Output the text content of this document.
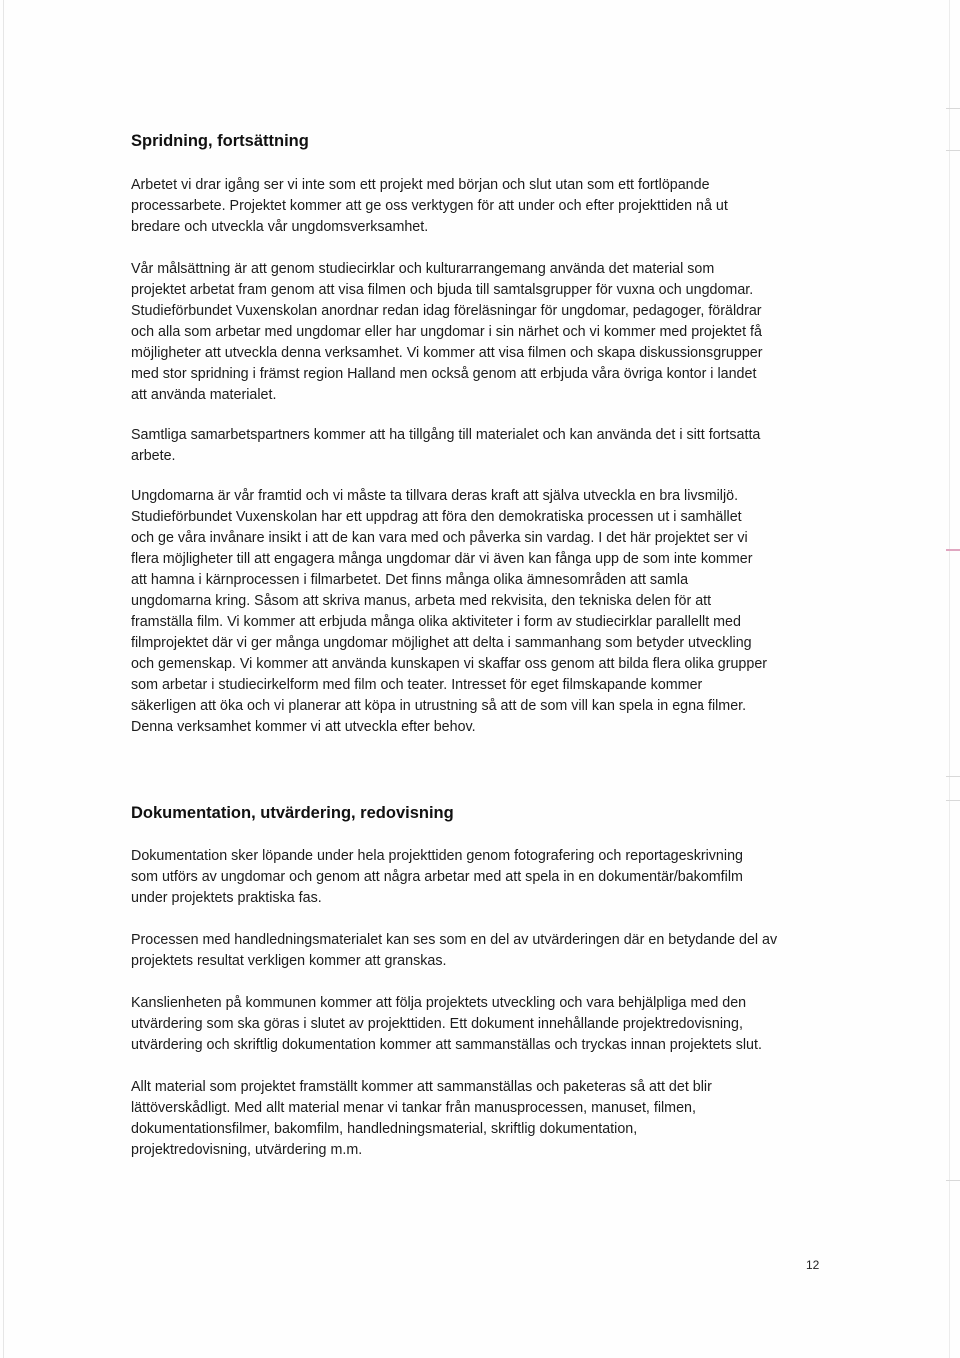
Spridning, fortsättning

Arbetet vi drar igång ser vi inte som ett projekt med början och slut utan som ett fortlöpande
processarbete. Projektet kommer att ge oss verktygen för att under och efter projekttiden nå ut
bredare och utveckla vår ungdomsverksamhet.

Vår målsättning är att genom studiecirklar och kulturarrangemang använda det material som
projektet arbetat fram genom att visa filmen och bjuda till samtalsgrupper för vuxna och ungdomar.
Studieförbundet Vuxenskolan anordnar redan idag föreläsningar för ungdomar, pedagoger, föräldrar
och alla som arbetar med ungdomar eller har ungdomar i sin närhet och vi kommer med projektet få
möjligheter att utveckla denna verksamhet. Vi kommer att visa filmen och skapa diskussionsgrupper
med stor spridning i främst region Halland men också genom att erbjuda våra övriga kontor i landet
att använda materialet.

Samtliga samarbetspartners kommer att ha tillgång till materialet och kan använda det i sitt fortsatta
arbete.

Ungdomarna är vår framtid och vi måste ta tillvara deras kraft att själva utveckla en bra livsmiljö.
Studieförbundet Vuxenskolan har ett uppdrag att föra den demokratiska processen ut i samhället
och ge våra invånare insikt i att de kan vara med och påverka sin vardag. I det här projektet ser vi
flera möjligheter till att engagera många ungdomar där vi även kan fånga upp de som inte kommer
att hamna i kärnprocessen i filmarbetet. Det finns många olika ämnesområden att samla
ungdomarna kring. Såsom att skriva manus, arbeta med rekvisita, den tekniska delen för att
framställa film. Vi kommer att erbjuda många olika aktiviteter i form av studiecirklar parallellt med
filmprojektet där vi ger många ungdomar möjlighet att delta i sammanhang som betyder utveckling
och gemenskap. Vi kommer att använda kunskapen vi skaffar oss genom att bilda flera olika grupper
som arbetar i studiecirkelform med film och teater. Intresset för eget filmskapande kommer
säkerligen att öka och vi planerar att köpa in utrustning så att de som vill kan spela in egna filmer.
Denna verksamhet kommer vi att utveckla efter behov.

Dokumentation, utvärdering, redovisning

Dokumentation sker löpande under hela projekttiden genom fotografering och reportageskrivning
som utförs av ungdomar och genom att några arbetar med att spela in en dokumentär/bakomfilm
under projektets praktiska fas.

Processen med handledningsmaterialet kan ses som en del av utvärderingen där en betydande del av
projektets resultat verkligen kommer att granskas.

Kanslienheten på kommunen kommer att följa projektets utveckling och vara behjälpliga med den
utvärdering som ska göras i slutet av projekttiden. Ett dokument innehållande projektredovisning,
utvärdering och skriftlig dokumentation kommer att sammanställas och tryckas innan projektets slut.

Allt material som projektet framställt kommer att sammanställas och paketeras så att det blir
lättöverskådligt. Med allt material menar vi tankar från manusprocessen, manuset, filmen,
dokumentationsfilmer, bakomfilm, handledningsmaterial, skriftlig dokumentation,
projektredovisning, utvärdering m.m.

12
